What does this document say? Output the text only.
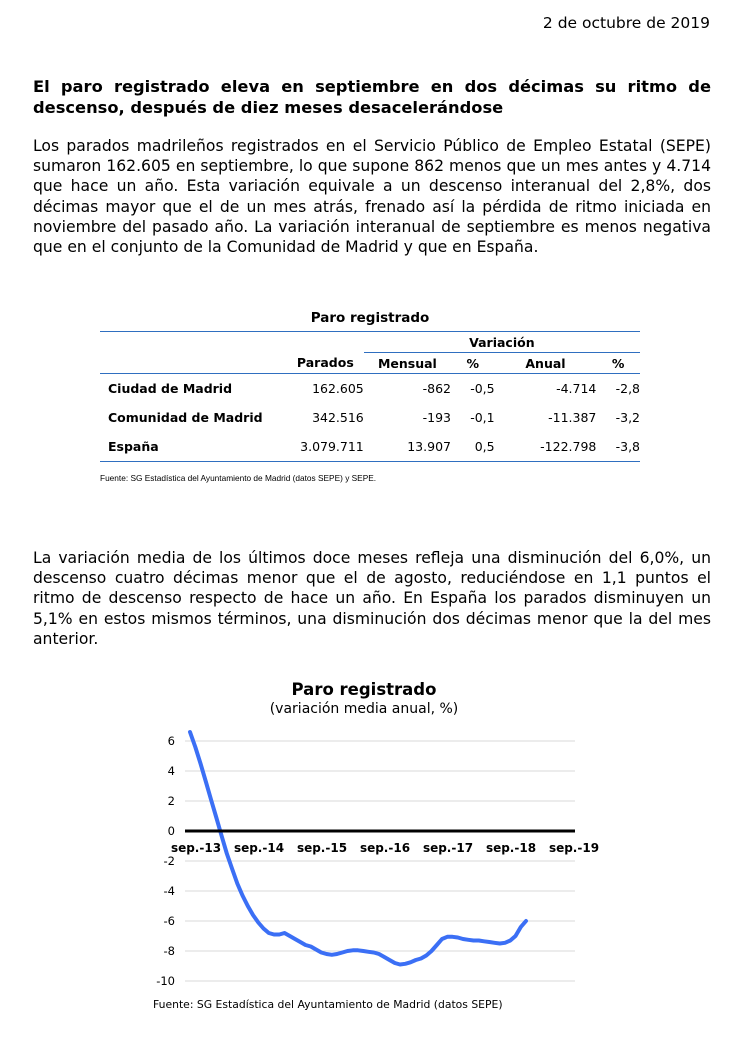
2 de octubre de 2019
El paro registrado eleva en septiembre en dos décimas su ritmo de descenso, después de diez meses desacelerándose

Los parados madrileños registrados en el Servicio Público de Empleo Estatal (SEPE) sumaron 162.605 en septiembre, lo que supone 862 menos que un mes antes y 4.714 que hace un año. Esta variación equivale a un descenso interanual del 2,8%, dos décimas mayor que el de un mes atrás, frenado así la pérdida de ritmo iniciada en noviembre del pasado año. La variación interanual de septiembre es menos negativa que en el conjunto de la Comunidad de Madrid y que en España.

Paro registrado
		Variación			
	Parados	Mensual	%	Anual	%
Ciudad de Madrid	162.605	-862	-0,5	-4.714	-2,8
Comunidad de Madrid	342.516	-193	-0,1	-11.387	-3,2
España	3.079.711	13.907	0,5	-122.798	-3,8
Fuente: SG Estadística del Ayuntamiento de Madrid (datos SEPE) y SEPE.

La variación media de los últimos doce meses refleja una disminución del 6,0%, un descenso cuatro décimas menor que el de agosto, reduciéndose en 1,1 puntos el ritmo de descenso respecto de hace un año. En España los parados disminuyen un 5,1% en estos mismos términos, una disminución dos décimas menor que la del mes anterior.

Paro registrado
(variación media anual, %)
6
4
2
0
-2
-4
-6
-8
-10
sep.-13 sep.-14 sep.-15 sep.-16 sep.-17 sep.-18 sep.-19
Fuente: SG Estadística del Ayuntamiento de Madrid (datos SEPE)
